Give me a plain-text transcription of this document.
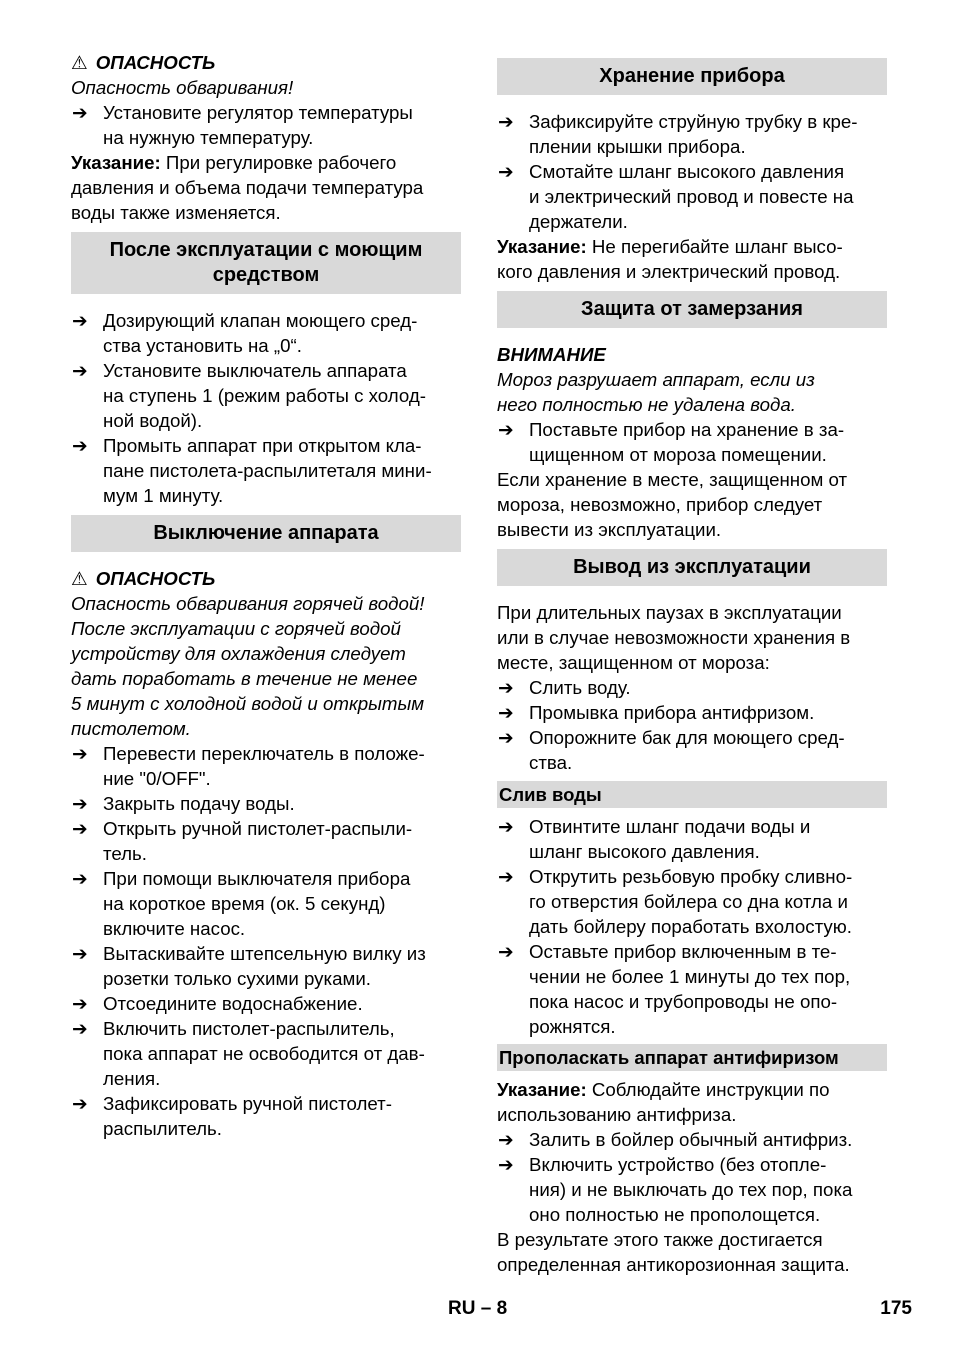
⚠ ОПАСНОСТЬ
Опасность обваривания!
➔ Установите регулятор температуры
на нужную температуру.
Указание: При регулировке рабочего
давления и объема подачи температура
воды также изменяется.
После эксплуатации с моющим
средством
➔ Дозирующий клапан моющего сред-
ства установить на „0“.
➔ Установите выключатель аппарата
на ступень 1 (режим работы с холод-
ной водой).
➔ Промыть аппарат при открытом кла-
пане пистолета-распылитеталя мини-
мум 1 минуту.
Выключение аппарата
⚠ ОПАСНОСТЬ
Опасность обваривания горячей водой!
После эксплуатации с горячей водой
устройству для охлаждения следует
дать поработать в течение не менее
5 минут с холодной водой и открытым
пистолетом.
➔ Перевести переключатель в положе-
ние "0/OFF".
➔ Закрыть подачу воды.
➔ Открыть ручной пистолет-распыли-
тель.
➔ При помощи выключателя прибора
на короткое время (ок. 5 секунд)
включите насос.
➔ Вытаскивайте штепсельную вилку из
розетки только сухими руками.
➔ Отсоедините водоснабжение.
➔ Включить пистолет-распылитель,
пока аппарат не освободится от дав-
ления.
➔ Зафиксировать ручной пистолет-
распылитель.
Хранение прибора
➔ Зафиксируйте струйную трубку в кре-
плении крышки прибора.
➔ Смотайте шланг высокого давления
и электрический провод и повесте на
держатели.
Указание: Не перегибайте шланг высо-
кого давления и электрический провод.
Защита от замерзания
ВНИМАНИЕ
Мороз разрушает аппарат, если из
него полностью не удалена вода.
➔ Поставьте прибор на хранение в за-
щищенном от мороза помещении.
Если хранение в месте, защищенном от
мороза, невозможно, прибор следует
вывести из эксплуатации.
Вывод из эксплуатации
При длительных паузах в эксплуатации
или в случае невозможности хранения в
месте, защищенном от мороза:
➔ Слить воду.
➔ Промывка прибора антифризом.
➔ Опорожните бак для моющего сред-
ства.
Слив воды
➔ Отвинтите шланг подачи воды и
шланг высокого давления.
➔ Открутить резьбовую пробку сливно-
го отверстия бойлера со дна котла и
дать бойлеру поработать вхолостую.
➔ Оставьте прибор включенным в те-
чении не более 1 минуты до тех пор,
пока насос и трубопроводы не опо-
рожнятся.
Прополаскать аппарат антифиризом
Указание: Соблюдайте инструкции по
использованию антифриза.
➔ Залить в бойлер обычный антифриз.
➔ Включить устройство (без отопле-
ния) и не выключать до тех пор, пока
оно полностью не прополощется.
В результате этого также достигается
определенная антикорозионная защита.
RU – 8	175
